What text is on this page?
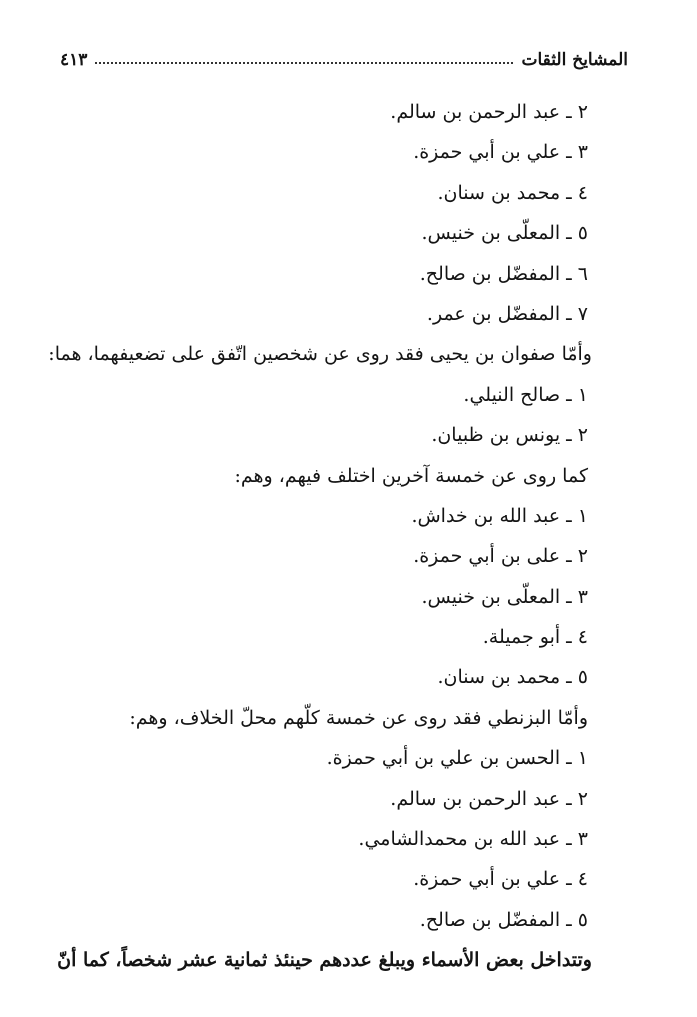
المشايخ الثقات
٤١٣
٢ ـ عبد الرحمن بن سالم.
٣ ـ علي بن أبي حمزة.
٤ ـ محمد بن سنان.
٥ ـ المعلّى بن خنيس.
٦ ـ المفضّل بن صالح.
٧ ـ المفضّل بن عمر.
وأمّا صفوان بن يحيى فقد روى عن شخصين اتّفق على تضعيفهما، هما:
١ ـ صالح النيلي.
٢ ـ يونس بن ظبيان.
كما روى عن خمسة آخرين اختلف فيهم، وهم:
١ ـ عبد الله بن خداش.
٢ ـ على بن أبي حمزة.
٣ ـ المعلّى بن خنيس.
٤ ـ أبو جميلة.
٥ ـ محمد بن سنان.
وأمّا البزنطي فقد روى عن خمسة كلّهم محلّ الخلاف، وهم:
١ ـ الحسن بن علي بن أبي حمزة.
٢ ـ عبد الرحمن بن سالم.
٣ ـ عبد الله بن محمدالشامي.
٤ ـ علي بن أبي حمزة.
٥ ـ المفضّل بن صالح.
وتتداخل بعض الأسماء ويبلغ عددهم حينئذ ثمانية عشر شخصاً، كما أنّ
